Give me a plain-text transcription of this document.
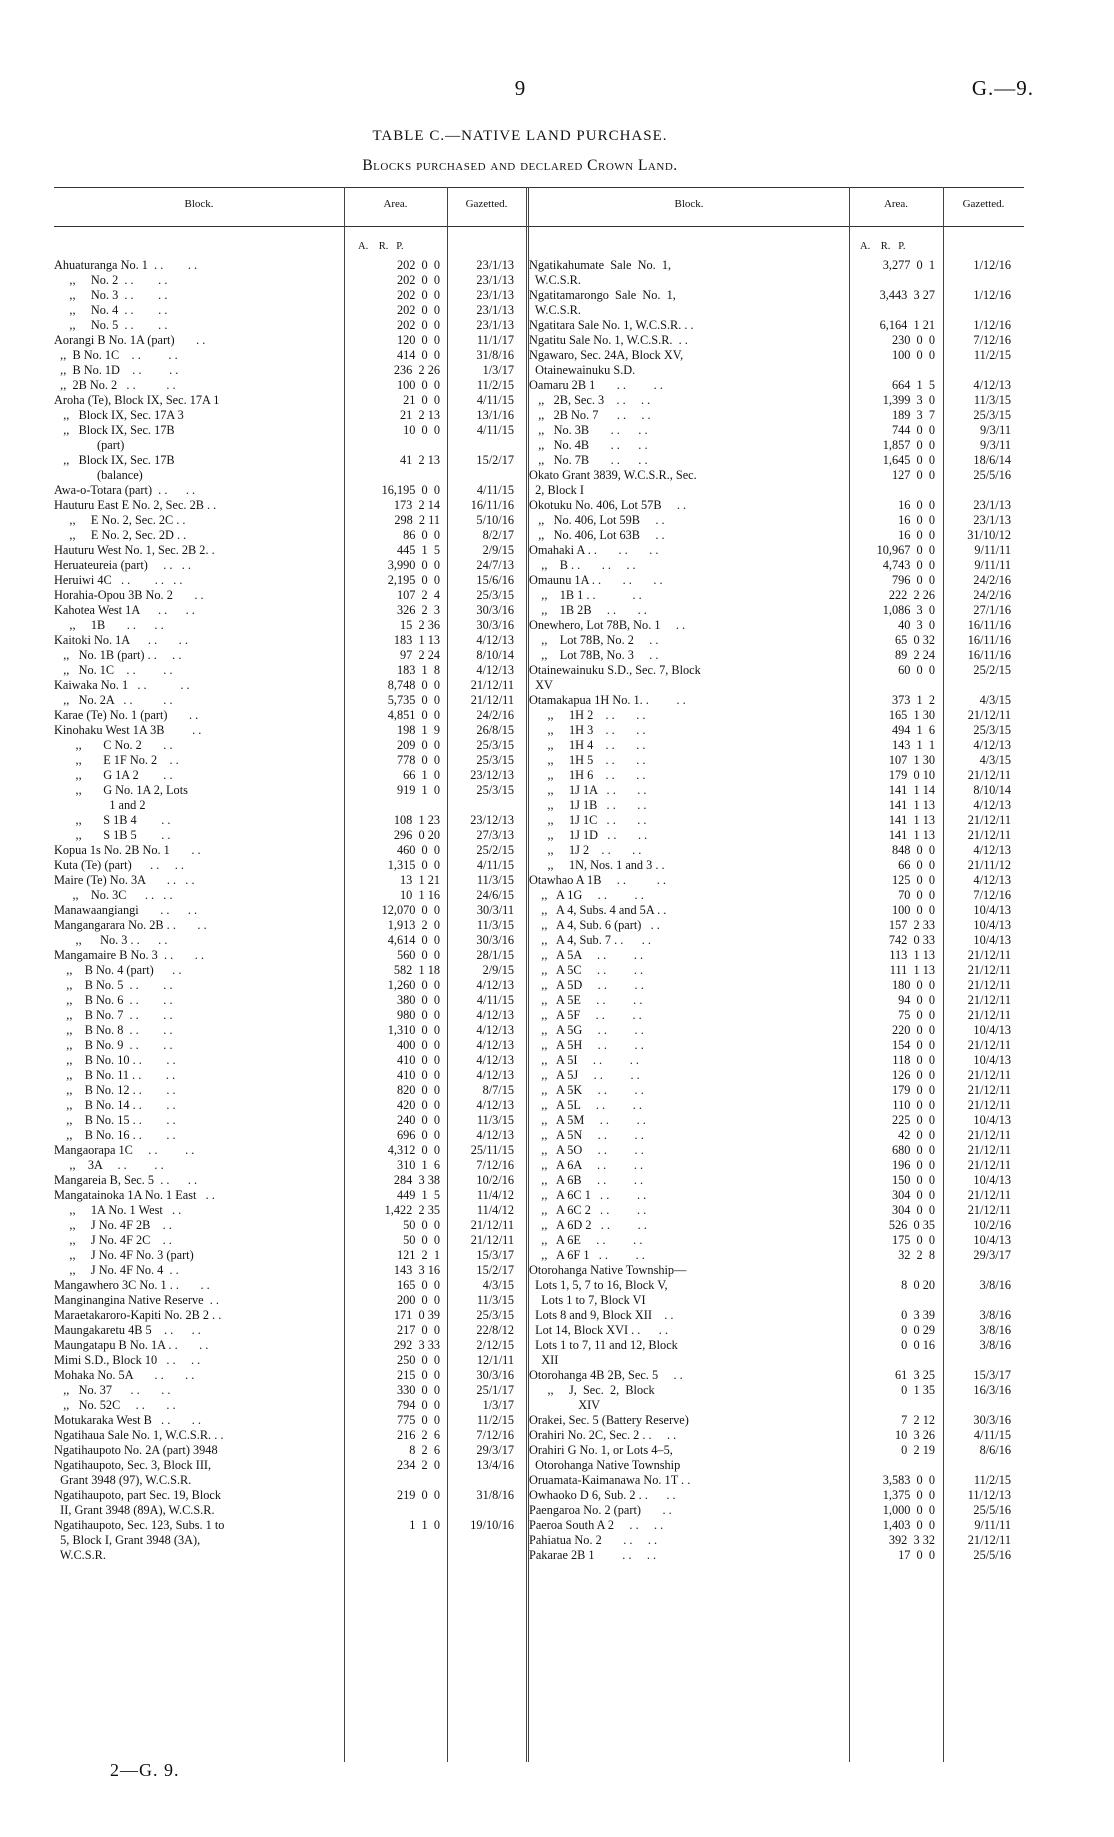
9	G.—9.
TABLE C.—NATIVE LAND PURCHASE.
Blocks purchased and declared Crown Land.
Block.	Area.	Gazetted.	Block.	Area.	Gazetted.
A. R. P.	A. R. P.
Ahuaturanga No. 1  . .        . .	202  0  0	23/1/13
,,     No. 2  . .        . .	202  0  0	23/1/13
,,     No. 3  . .        . .	202  0  0	23/1/13
,,     No. 4  . .        . .	202  0  0	23/1/13
,,     No. 5  . .        . .	202  0  0	23/1/13
Aorangi B No. 1A (part)       . .	120  0  0	11/1/17
,,  B No. 1C    . .         . .	414  0  0	31/8/16
,,  B No. 1D    . .         . .	236  2 26	1/3/17
,,  2B No. 2   . .          . .	100  0  0	11/2/15
Aroha (Te), Block IX, Sec. 17A 1	21  0  0	4/11/15
,,   Block IX, Sec. 17A 3	21  2 13	13/1/16
,,   Block IX, Sec. 17B	10  0  0	4/11/15
(part)
,,   Block IX, Sec. 17B	41  2 13	15/2/17
(balance)
Awa-o-Totara (part)  . .      . .	16,195  0  0	4/11/15
Hauturu East E No. 2, Sec. 2B . .	173  2 14	16/11/16
,,     E No. 2, Sec. 2C . .	298  2 11	5/10/16
,,     E No. 2, Sec. 2D . .	86  0  0	8/2/17
Hauturu West No. 1, Sec. 2B 2. .	445  1  5	2/9/15
Heruateureia (part)     . .   . .	3,990  0  0	24/7/13
Heruiwi 4C   . .        . .   . .	2,195  0  0	15/6/16
Horahia-Opou 3B No. 2       . .	107  2  4	25/3/15
Kahotea West 1A      . .      . .	326  2  3	30/3/16
,,     1B       . .      . .	15  2 36	30/3/16
Kaitoki No. 1A      . .       . .	183  1 13	4/12/13
,,   No. 1B (part) . .     . .	97  2 24	8/10/14
,,   No. 1C    . .         . .	183  1  8	4/12/13
Kaiwaka No. 1   . .           . .	8,748  0  0	21/12/11
,,   No. 2A   . .          . .	5,735  0  0	21/12/11
Karae (Te) No. 1 (part)       . .	4,851  0  0	24/2/16
Kinohaku West 1A 3B         . .	198  1  9	26/8/15
,,       C No. 2       . .	209  0  0	25/3/15
,,       E 1F No. 2    . .	778  0  0	25/3/15
,,       G 1A 2        . .	66  1  0	23/12/13
,,       G No. 1A 2, Lots	919  1  0	25/3/15
1 and 2
,,       S 1B 4        . .	108  1 23	23/12/13
,,       S 1B 5        . .	296  0 20	27/3/13
Kopua 1s No. 2B No. 1       . .	460  0  0	25/2/15
Kuta (Te) (part)      . .     . .	1,315  0  0	4/11/15
Maire (Te) No. 3A       . .   . .	13  1 21	11/3/15
,,    No. 3C      . .   . .	10  1 16	24/6/15
Manawaangiangi       . .      . .	12,070  0  0	30/3/11
Mangangarara No. 2B . .       . .	1,913  2  0	11/3/15
,,      No. 3 . .      . .	4,614  0  0	30/3/16
Mangamaire B No. 3  . .       . .	560  0  0	28/1/15
,,    B No. 4 (part)      . .	582  1 18	2/9/15
,,    B No. 5  . .        . .	1,260  0  0	4/12/13
,,    B No. 6  . .        . .	380  0  0	4/11/15
,,    B No. 7  . .        . .	980  0  0	4/12/13
,,    B No. 8  . .        . .	1,310  0  0	4/12/13
,,    B No. 9  . .        . .	400  0  0	4/12/13
,,    B No. 10 . .        . .	410  0  0	4/12/13
,,    B No. 11 . .        . .	410  0  0	4/12/13
,,    B No. 12 . .        . .	820  0  0	8/7/15
,,    B No. 14 . .        . .	420  0  0	4/12/13
,,    B No. 15 . .        . .	240  0  0	11/3/15
,,    B No. 16 . .        . .	696  0  0	4/12/13
Mangaorapa 1C     . .         . .	4,312  0  0	25/11/15
,,    3A     . .         . .	310  1  6	7/12/16
Mangareia B, Sec. 5  . .      . .	284  3 38	10/2/16
Mangatainoka 1A No. 1 East   . .	449  1  5	11/4/12
,,     1A No. 1 West   . .	1,422  2 35	11/4/12
,,     J No. 4F 2B    . .	50  0  0	21/12/11
,,     J No. 4F 2C    . .	50  0  0	21/12/11
,,     J No. 4F No. 3 (part)	121  2  1	15/3/17
,,     J No. 4F No. 4  . .	143  3 16	15/2/17
Mangawhero 3C No. 1 . .       . .	165  0  0	4/3/15
Manginangina Native Reserve  . .	200  0  0	11/3/15
Maraetakaroro-Kapiti No. 2B 2 . .	171  0 39	25/3/15
Maungakaretu 4B 5    . .      . .	217  0  0	22/8/12
Maungatapu B No. 1A . .       . .	292  3 33	2/12/15
Mimi S.D., Block 10   . .     . .	250  0  0	12/1/11
Mohaka No. 5A       . .       . .	215  0  0	30/3/16
,,   No. 37      . .       . .	330  0  0	25/1/17
,,   No. 52C     . .       . .	794  0  0	1/3/17
Motukaraka West B   . .       . .	775  0  0	11/2/15
Ngatihaua Sale No. 1, W.C.S.R. . .	216  2  6	7/12/16
Ngatihaupoto No. 2A (part) 3948	8  2  6	29/3/17
Ngatihaupoto, Sec. 3, Block III,	234  2  0	13/4/16
Grant 3948 (97), W.C.S.R.
Ngatihaupoto, part Sec. 19, Block	219  0  0	31/8/16
II, Grant 3948 (89A), W.C.S.R.
Ngatihaupoto, Sec. 123, Subs. 1 to	1  1  0	19/10/16
5, Block I, Grant 3948 (3A),
W.C.S.R.
Ngatikahumate  Sale  No.  1,	3,277  0  1	1/12/16
W.C.S.R.
Ngatitamarongo  Sale  No.  1,	3,443  3 27	1/12/16
W.C.S.R.
Ngatitara Sale No. 1, W.C.S.R. . .	6,164  1 21	1/12/16
Ngatitu Sale No. 1, W.C.S.R.  . .	230  0  0	7/12/16
Ngawaro, Sec. 24A, Block XV,	100  0  0	11/2/15
Otainewainuku S.D.
Oamaru 2B 1       . .         . .	664  1  5	4/12/13
,,   2B, Sec. 3    . .     . .	1,399  3  0	11/3/15
,,   2B No. 7      . .     . .	189  3  7	25/3/15
,,   No. 3B       . .      . .	744  0  0	9/3/11
,,   No. 4B       . .      . .	1,857  0  0	9/3/11
,,   No. 7B       . .      . .	1,645  0  0	18/6/14
Okato Grant 3839, W.C.S.R., Sec.	127  0  0	25/5/16
2, Block I
Okotuku No. 406, Lot 57B     . .	16  0  0	23/1/13
,,   No. 406, Lot 59B     . .	16  0  0	23/1/13
,,   No. 406, Lot 63B     . .	16  0  0	31/10/12
Omahaki A . .       . .       . .	10,967  0  0	9/11/11
,,    B . .       . .     . .	4,743  0  0	9/11/11
Omaunu 1A . .       . .       . .	796  0  0	24/2/16
,,    1B 1 . .            . .	222  2 26	24/2/16
,,    1B 2B     . .       . .	1,086  3  0	27/1/16
Onewhero, Lot 78B, No. 1     . .	40  3  0	16/11/16
,,    Lot 78B, No. 2     . .	65  0 32	16/11/16
,,    Lot 78B, No. 3     . .	89  2 24	16/11/16
Otainewainuku S.D., Sec. 7, Block	60  0  0	25/2/15
XV
Otamakapua 1H No. 1. .         . .	373  1  2	4/3/15
,,     1H 2    . .       . .	165  1 30	21/12/11
,,     1H 3    . .       . .	494  1  6	25/3/15
,,     1H 4    . .       . .	143  1  1	4/12/13
,,     1H 5    . .       . .	107  1 30	4/3/15
,,     1H 6    . .       . .	179  0 10	21/12/11
,,     1J 1A   . .       . .	141  1 14	8/10/14
,,     1J 1B   . .       . .	141  1 13	4/12/13
,,     1J 1C   . .       . .	141  1 13	21/12/11
,,     1J 1D   . .       . .	141  1 13	21/12/11
,,     1J 2    . .       . .	848  0  0	4/12/13
,,     1N, Nos. 1 and 3 . .	66  0  0	21/11/12
Otawhao A 1B     . .          . .	125  0  0	4/12/13
,,   A 1G     . .         . .	70  0  0	7/12/16
,,   A 4, Subs. 4 and 5A . .	100  0  0	10/4/13
,,   A 4, Sub. 6 (part)   . .	157  2 33	10/4/13
,,   A 4, Sub. 7 . .      . .	742  0 33	10/4/13
,,   A 5A     . .         . .	113  1 13	21/12/11
,,   A 5C     . .         . .	111  1 13	21/12/11
,,   A 5D     . .         . .	180  0  0	21/12/11
,,   A 5E     . .         . .	94  0  0	21/12/11
,,   A 5F     . .         . .	75  0  0	21/12/11
,,   A 5G     . .         . .	220  0  0	10/4/13
,,   A 5H     . .         . .	154  0  0	21/12/11
,,   A 5I     . .         . .	118  0  0	10/4/13
,,   A 5J     . .         . .	126  0  0	21/12/11
,,   A 5K     . .         . .	179  0  0	21/12/11
,,   A 5L     . .         . .	110  0  0	21/12/11
,,   A 5M     . .         . .	225  0  0	10/4/13
,,   A 5N     . .         . .	42  0  0	21/12/11
,,   A 5O     . .         . .	680  0  0	21/12/11
,,   A 6A     . .         . .	196  0  0	21/12/11
,,   A 6B     . .         . .	150  0  0	10/4/13
,,   A 6C 1   . .         . .	304  0  0	21/12/11
,,   A 6C 2   . .         . .	304  0  0	21/12/11
,,   A 6D 2   . .         . .	526  0 35	10/2/16
,,   A 6E     . .         . .	175  0  0	10/4/13
,,   A 6F 1   . .         . .	32  2  8	29/3/17
Otorohanga Native Township—
Lots 1, 5, 7 to 16, Block V,	8  0 20	3/8/16
Lots 1 to 7, Block VI
Lots 8 and 9, Block XII    . .	0  3 39	3/8/16
Lot 14, Block XVI . .      . .	0  0 29	3/8/16
Lots 1 to 7, 11 and 12, Block	0  0 16	3/8/16
XII
Otorohanga 4B 2B, Sec. 5     . .	61  3 25	15/3/17
,,     J,  Sec.  2,  Block	0  1 35	16/3/16
XIV
Orakei, Sec. 5 (Battery Reserve)	7  2 12	30/3/16
Orahiri No. 2C, Sec. 2 . .     . .	10  3 26	4/11/15
Orahiri G No. 1, or Lots 4–5,	0  2 19	8/6/16
Otorohanga Native Township
Oruamata-Kaimanawa No. 1T . .	3,583  0  0	11/2/15
Owhaoko D 6, Sub. 2 . .      . .	1,375  0  0	11/12/13
Paengaroa No. 2 (part)       . .	1,000  0  0	25/5/16
Paeroa South A 2     . .     . .	1,403  0  0	9/11/11
Pahiatua No. 2       . .     . .	392  3 32	21/12/11
Pakarae 2B 1         . .     . .	17  0  0	25/5/16
2—G. 9.
